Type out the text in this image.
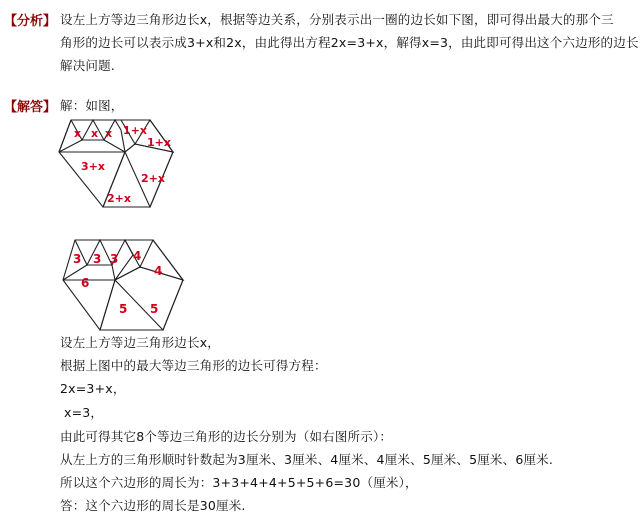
【分析】 设左上方等边三角形边长x，根据等边关系，分别表示出一圈的边长如下图，即可得出最大的那个三
角形的边长可以表示成3+x和2x，由此得出方程2x=3+x，解得x=3，由此即可得出这个六边形的边长
解决问题.
【解答】 解：如图，
x x x 1+x
1+x
3+x
2+x
2+x
3 3 3 4
4
6
5 5
设左上方等边三角形边长x，
根据上图中的最大等边三角形的边长可得方程：
2x=3+x，
x=3，
由此可得其它8个等边三角形的边长分别为（如右图所示）：
从左上方的三角形顺时针数起为3厘米、3厘米、4厘米、4厘米、5厘米、5厘米、6厘米.
所以这个六边形的周长为：3+3+4+4+5+5+6=30（厘米），
答：这个六边形的周长是30厘米.
